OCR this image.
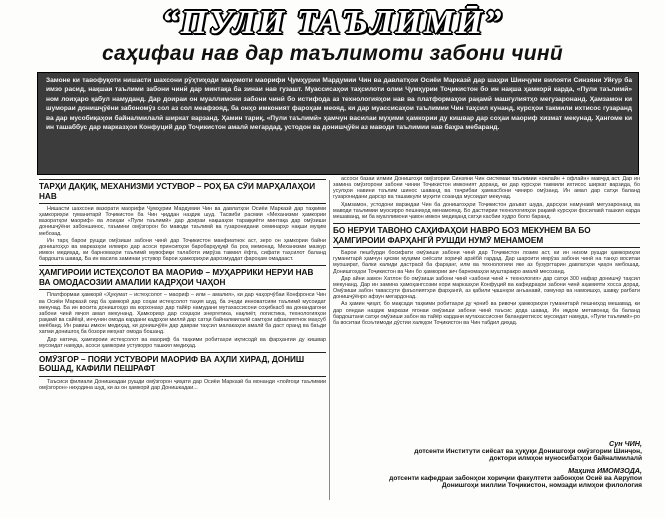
“ПУЛИ ТАЪЛИМӢ”
саҳифаи нав дар таълимоти забони чинӣ
Замоне ки тавофуқоти нишасти шахсони рӯҳтиҳоди мақомоти маорифи Ҷумҳурии Мардумии Чин ва давлатҳои Осиёи Марказӣ дар шаҳри Шинҷуми вилояти Синзяни Уйғур ба имзо расид, нақшаи таълими забони чинӣ дар минтақа ба зинаи нав гузашт. Муассисаҳои таҳсилоти олии Ҷумҳурии Тоҷикистон бо ин нақша ҳамкорӣ карда, «Пули таълимӣ» ном лоиҳаро қабул намуданд. Дар доираи он муаллимони забони чинӣ бо истифода аз технологияҳои нав ва платформаҳои рақамӣ машғулиятҳо мегузаронанд. Ҳамзамон ки шумораи донишҷӯёни забономӯз сол аз сол меафзояд, ба онҳо имконият фароҳам меояд, ки дар муассисаҳои таълимии Чин таҳсил кунанд, курсҳои такмили ихтисос гузаранд ва дар мусобиқаҳои байналмилалӣ ширкат варзанд. Ҳамин тариқ, «Пули таълимӣ» ҳамчун василаи муҳими ҳамкории ду кишвар дар соҳаи маориф хизмат мекунад. Ҳангоме ки ин ташаббус дар марказҳои Конфуций дар Тоҷикистон амалӣ мегардад, устодон ва донишҷӯён аз маводи таълимии нав баҳра мебаранд.
ТАРҲИ ДАҚИҚ, МЕХАНИЗМИ УСТУВОР – РОҲ БА СӮИ МАРҲАЛАҲОИ НАВ

Нишасти шахсони вазорати маорифи Ҷумҳурии Мардумии Чин ва давлатҳои Осиёи Марказӣ дар таҳкими ҳамкориҳои гуманитарӣ Тоҷикистон ба Чин ҷиддан наздик шуд. Тасвиби расмии «Механизми ҳамкории вазоратҳои маориф» ва лоиҳаи «Пули таълимӣ» дар доираи нақшаҳои тараққиёти минтақа дар омӯзиши донишҷӯёни забоншинос, таъмини омӯзгорон бо маводи таълимӣ ва гузаронидани семинарҳо нақши муҳим мебозад.

Ин тарҳ барои рушди омӯзиши забони чинӣ дар Тоҷикистон манфиатнок аст, зеро он ҳамкории байни донишгоҳҳо ва марказҳои илмиро дар асоси принсипҳои баробарҳуқуқӣ ба роҳ мемонад. Механизми мазкур имкон медиҳад, ки барномаҳои таълимӣ мувофиқи талаботи имрӯза такмил ёфта, сифати таҳсилот баланд бардошта шавад. Ба ин васила заминаи устувор барои ҳамкориҳои дарозмуддат фароҳам омадааст.

ҲАМГИРОИИ ИСТЕҲСОЛОТ ВА МАОРИФ – МУҲАРРИКИ НЕРУИ НАВ ВА ОМОДАСОЗИИ АМАЛИИ КАДРҲОИ ЧАҲОН

Платформаи ҳамкорӣ «Ҳукумат – истеҳсолот – маориф – илм – амалия», ки дар чаҳорчӯбаи Конфронси Чин ва Осиёи Марказӣ оид ба ҳамкорӣ дар соҳаи истеҳсолот таҳия шуд, ба эҷоди инноватсияи таълимӣ мусоидат мекунад. Ба ин восита донишгоҳҳо ва корхонаҳо дар тайёр намудани мутахассисони соҳибкасб ва донандагони забони чинӣ якҷоя амал мекунанд. Ҳамкориҳо дар соҳаҳои энергетика, нақлиёт, логистика, технологияҳои рақамӣ ва сайёҳӣ, инчунин омода кардани кадрҳои миллӣ дар сатҳи байналмилалӣ самтҳои афзалиятнок маҳсуб меёбанд. Ин равиш имкон медиҳад, ки донишҷӯён дар давраи таҳсил малакаҳои амалӣ ба даст оранд ва баъди хатми донишгоҳ ба бозори меҳнат омода бошанд.

Дар натиҷа, ҳамгироии истеҳсолот ва маориф ба таҳкими робитаҳои иқтисодӣ ва фарҳангии ду кишвар мусоидат намуда, асоси ҳамкории устуворро ташкил медиҳад.

ОМӮЗГОР – ПОЯИ УСТУВОРИ МАОРИФ ВА АҲЛИ ХИРАД, ДОНИШ БОШАД, КАФИЛИ ПЕШРАФТ

Таъсиси филиали Донишкадаи рушди омӯзгорон ҷиҳати дар Осиёи Марказӣ ба монанди «пойгоҳи таълимии омӯзгорон» ниҳодина шуд, ки аз он ҳамкорӣ дар Донишкадаи...

ассоси базаи илмии Донишгоҳи омӯзгории Синзяни Чин системаи таълимии «онлайн + офлайн» мавҷуд аст. Дар ин замина омӯзгорони забони чинии Тоҷикистон имконият доранд, ки дар курсҳои такмили ихтисос ширкат варзида, бо усулҳои навини таълим шинос шаванд ва таҷрибаи ҳамкасбони чиниро омӯзанд. Ин амал дар сатҳи баланд гузаронидани дарсҳо ва ташаккули муҳити созанда мусоидат мекунад.

Ҳамзамон, устодони варзидаи Чин ба донишгоҳҳои Тоҷикистон даъват шуда, дарсҳои намунавӣ мегузаронанд ва маводи таълимии муосирро пешниҳод менамоянд. Бо дастгирии технологияҳои рақамӣ курсҳои фосилавӣ ташкил карда мешаванд, ки ба муаллимони ҷавон имкон медиҳанд сатҳи касбии худро боло баранд.

БО НЕРУИ ТАВОНО САҲИФАҲОИ НАВРО БОЗ МЕКУНЕМ ВА БО ҲАМГИРОИИ ФАРҲАНГӢ РУШДИ НУМӮ МЕНАМОЕМ

Барои пешбурди босифати омӯзиши забони чинӣ дар Тоҷикистон лозим аст, ки ин низом рушди ҳамкориҳои гуманитарӣ ҳамчун қисми муҳими сиёсати хориҷӣ арзёбӣ гардад. Дар шароити имрӯза забони чинӣ на танҳо воситаи муошират, балки калиди дастрасӣ ба фарҳанг, илм ва технологияи яке аз бузургтарин давлатҳои ҷаҳон мебошад. Донишгоҳҳои Тоҷикистон ва Чин бо ҳамкории зич барномаҳои муштаракро амалӣ месозанд.

Дар айни замон Хатлон бо омӯзиши забони чинӣ «забони чинӣ + технология» дар сатҳи 300 нафар донишҷӯ таҳсил мекунанд. Дар ин замина ҳамоҳангсозии кори марказҳои Конфуций ва кафедраҳои забони чинӣ аҳамияти хосса дорад. Омӯзиши забон тавассути фаъолиятҳои фарҳангӣ, аз қабили ҷашнҳои анъанавӣ, озмунҳо ва намоишҳо, шавқу рағбати донишҷӯёнро афзун мегардонад.

Аз ҳамин ҷиҳат, бо мақсади таҳкими робитаҳои ду ҷониб ва ривоҷи ҳамкориҳои гуманитарӣ пешниҳод мешавад, ки дар ояндаи наздик маркази ягонаи омӯзиши забони чинӣ таъсис дода шавад. Ин иқдом метавонад ба баланд бардоштани сатҳи омӯзиши забон ва тайёр кардани мутахассисони баландихтисос мусоидат намуда, «Пули таълимӣ»-ро ба воситаи боэътимоди дӯстии халқҳои Тоҷикистон ва Чин табдил диҳад.

Сун ЧИН,
дотсенти Институти сиёсат ва ҳуқуқи Донишгоҳи омӯзгории Шинҷон,
доктори илмҳои муносибатҳои байналмилалӣ
Маҳина ИМОМЗОДА,
дотсенти кафедраи забонҳои хориҷии факултети забонҳои Осиё ва Аврупои
Донишгоҳи миллии Тоҷикистон, номзади илмҳои филология
